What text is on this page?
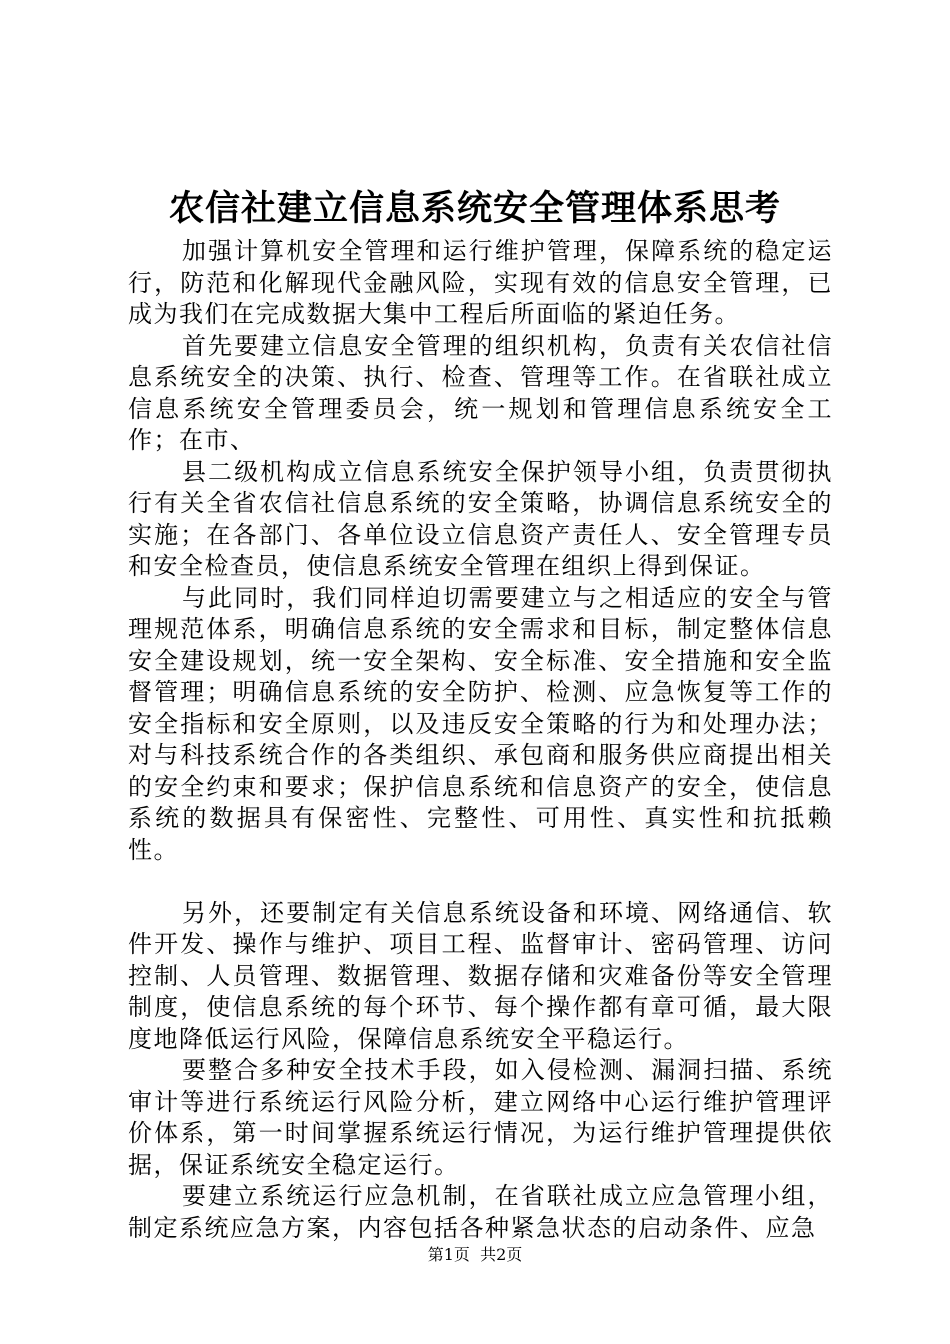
农信社建立信息系统安全管理体系思考

加强计算机安全管理和运行维护管理，保障系统的稳定运行，防范和化解现代金融风险，实现有效的信息安全管理，已成为我们在完成数据大集中工程后所面临的紧迫任务。

首先要建立信息安全管理的组织机构，负责有关农信社信息系统安全的决策、执行、检查、管理等工作。在省联社成立信息系统安全管理委员会，统一规划和管理信息系统安全工作；在市、

县二级机构成立信息系统安全保护领导小组，负责贯彻执行有关全省农信社信息系统的安全策略，协调信息系统安全的实施；在各部门、各单位设立信息资产责任人、安全管理专员和安全检查员，使信息系统安全管理在组织上得到保证。

与此同时，我们同样迫切需要建立与之相适应的安全与管理规范体系，明确信息系统的安全需求和目标，制定整体信息安全建设规划，统一安全架构、安全标准、安全措施和安全监督管理；明确信息系统的安全防护、检测、应急恢复等工作的安全指标和安全原则，以及违反安全策略的行为和处理办法；对与科技系统合作的各类组织、承包商和服务供应商提出相关的安全约束和要求；保护信息系统和信息资产的安全，使信息系统的数据具有保密性、完整性、可用性、真实性和抗抵赖性。

另外，还要制定有关信息系统设备和环境、网络通信、软件开发、操作与维护、项目工程、监督审计、密码管理、访问控制、人员管理、数据管理、数据存储和灾难备份等安全管理制度，使信息系统的每个环节、每个操作都有章可循，最大限度地降低运行风险，保障信息系统安全平稳运行。

要整合多种安全技术手段，如入侵检测、漏洞扫描、系统审计等进行系统运行风险分析，建立网络中心运行维护管理评价体系，第一时间掌握系统运行情况，为运行维护管理提供依据，保证系统安全稳定运行。

要建立系统运行应急机制，在省联社成立应急管理小组，制定系统应急方案，内容包括各种紧急状态的启动条件、应急

第1页 共2页
